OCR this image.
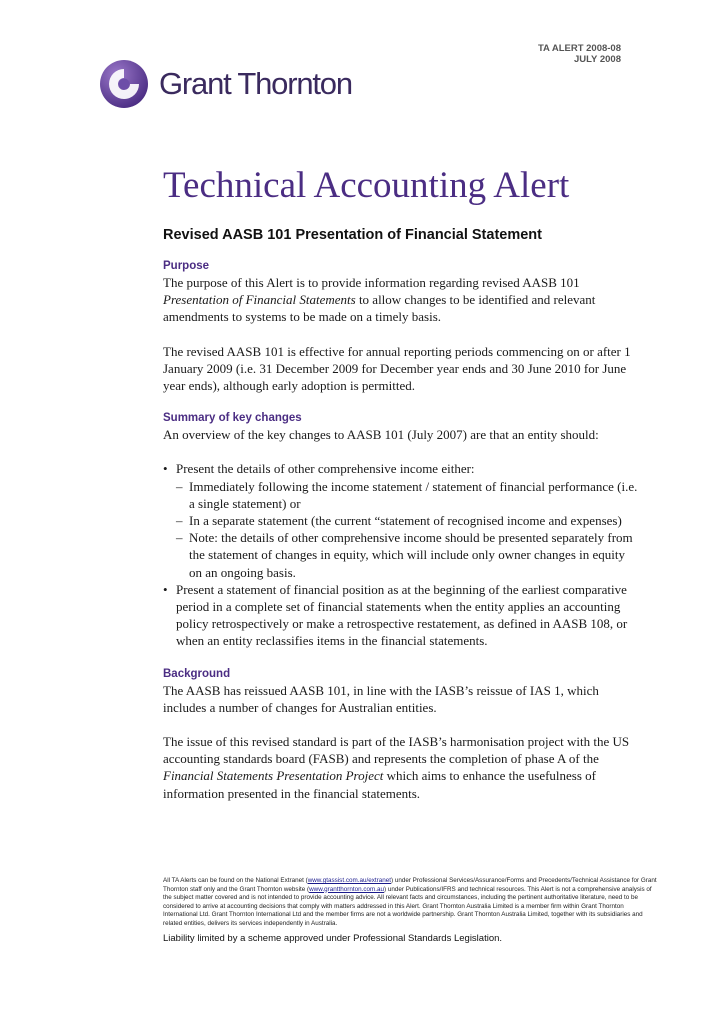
TA ALERT 2008-08
JULY 2008
Grant Thornton
Technical Accounting Alert
Revised AASB 101 Presentation of Financial Statement

Purpose

The purpose of this Alert is to provide information regarding revised AASB 101 Presentation of Financial Statements to allow changes to be identified and relevant amendments to systems to be made on a timely basis.

The revised AASB 101 is effective for annual reporting periods commencing on or after 1 January 2009 (i.e. 31 December 2009 for December year ends and 30 June 2010 for June year ends), although early adoption is permitted.

Summary of key changes

An overview of the key changes to AASB 101 (July 2007) are that an entity should:

• Present the details of other comprehensive income either:
– Immediately following the income statement / statement of financial performance (i.e. a single statement) or
– In a separate statement (the current “statement of recognised income and expenses)
– Note: the details of other comprehensive income should be presented separately from the statement of changes in equity, which will include only owner changes in equity on an ongoing basis.
• Present a statement of financial position as at the beginning of the earliest comparative period in a complete set of financial statements when the entity applies an accounting policy retrospectively or make a retrospective restatement, as defined in AASB 108, or when an entity reclassifies items in the financial statements.

Background

The AASB has reissued AASB 101, in line with the IASB’s reissue of IAS 1, which includes a number of changes for Australian entities.

The issue of this revised standard is part of the IASB’s harmonisation project with the US accounting standards board (FASB) and represents the completion of phase A of the Financial Statements Presentation Project which aims to enhance the usefulness of information presented in the financial statements.

All TA Alerts can be found on the National Extranet (www.gtassist.com.au/extranet) under Professional Services/Assurance/Forms and Precedents/Technical Assistance for Grant Thornton staff only and the Grant Thornton website (www.grantthornton.com.au) under Publications/IFRS and technical resources. This Alert is not a comprehensive analysis of the subject matter covered and is not intended to provide accounting advice. All relevant facts and circumstances, including the pertinent authoritative literature, need to be considered to arrive at accounting decisions that comply with matters addressed in this Alert. Grant Thornton Australia Limited is a member firm within Grant Thornton International Ltd. Grant Thornton International Ltd and the member firms are not a worldwide partnership. Grant Thornton Australia Limited, together with its subsidiaries and related entities, delivers its services independently in Australia.
Liability limited by a scheme approved under Professional Standards Legislation.
